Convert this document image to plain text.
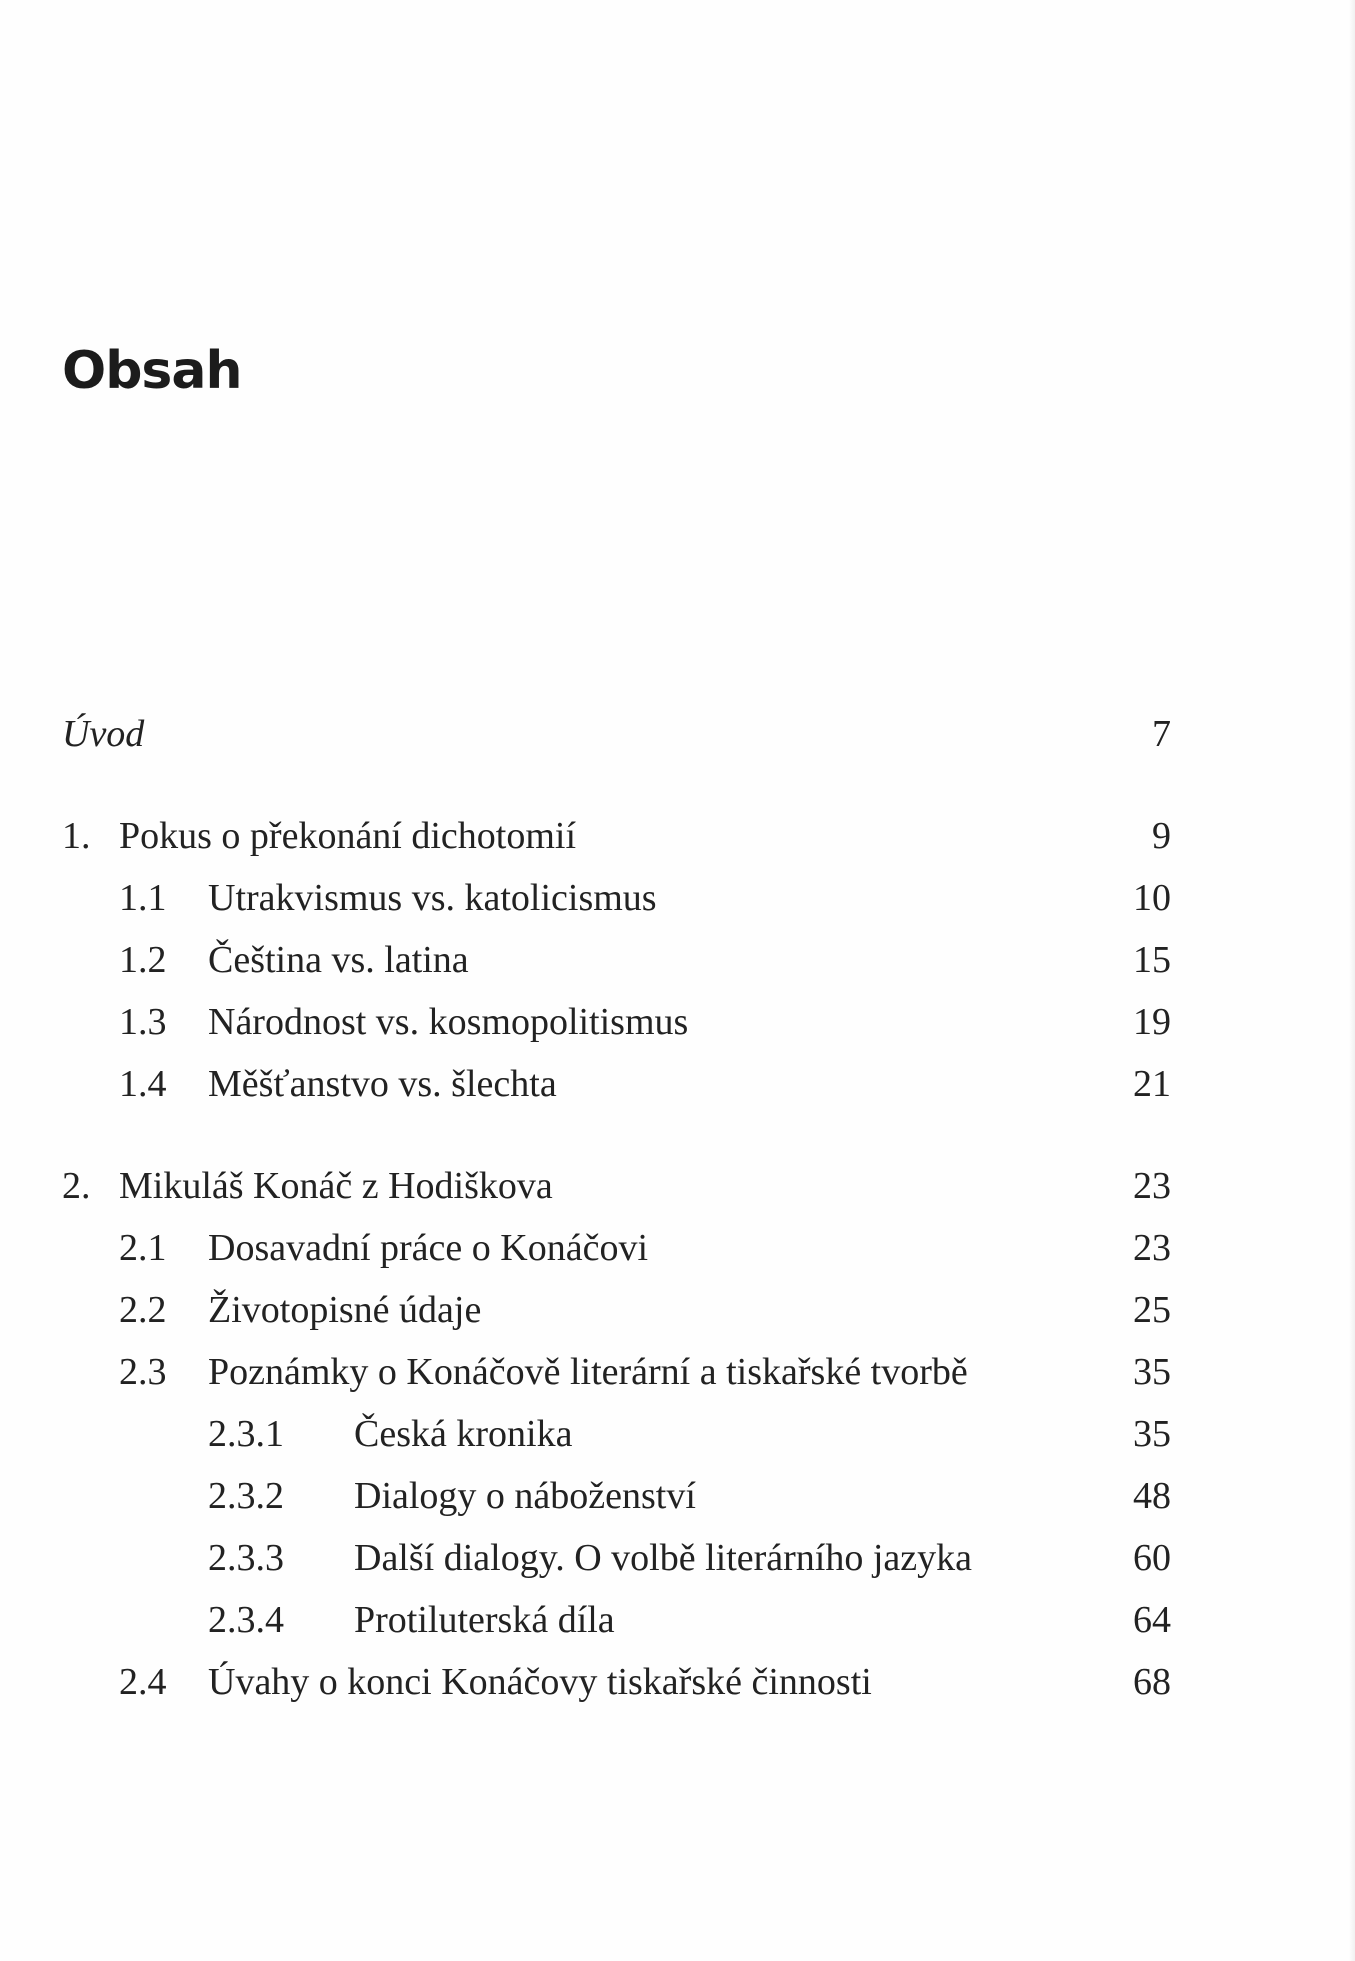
Obsah
Úvod	7
1. Pokus o překonání dichotomií	9
1.1 Utrakvismus vs. katolicismus	10
1.2 Čeština vs. latina	15
1.3 Národnost vs. kosmopolitismus	19
1.4 Měšťanstvo vs. šlechta	21
2. Mikuláš Konáč z Hodiškova	23
2.1 Dosavadní práce o Konáčovi	23
2.2 Životopisné údaje	25
2.3 Poznámky o Konáčově literární a tiskařské tvorbě	35
2.3.1 Česká kronika	35
2.3.2 Dialogy o náboženství	48
2.3.3 Další dialogy. O volbě literárního jazyka	60
2.3.4 Protiluterská díla	64
2.4 Úvahy o konci Konáčovy tiskařské činnosti	68
